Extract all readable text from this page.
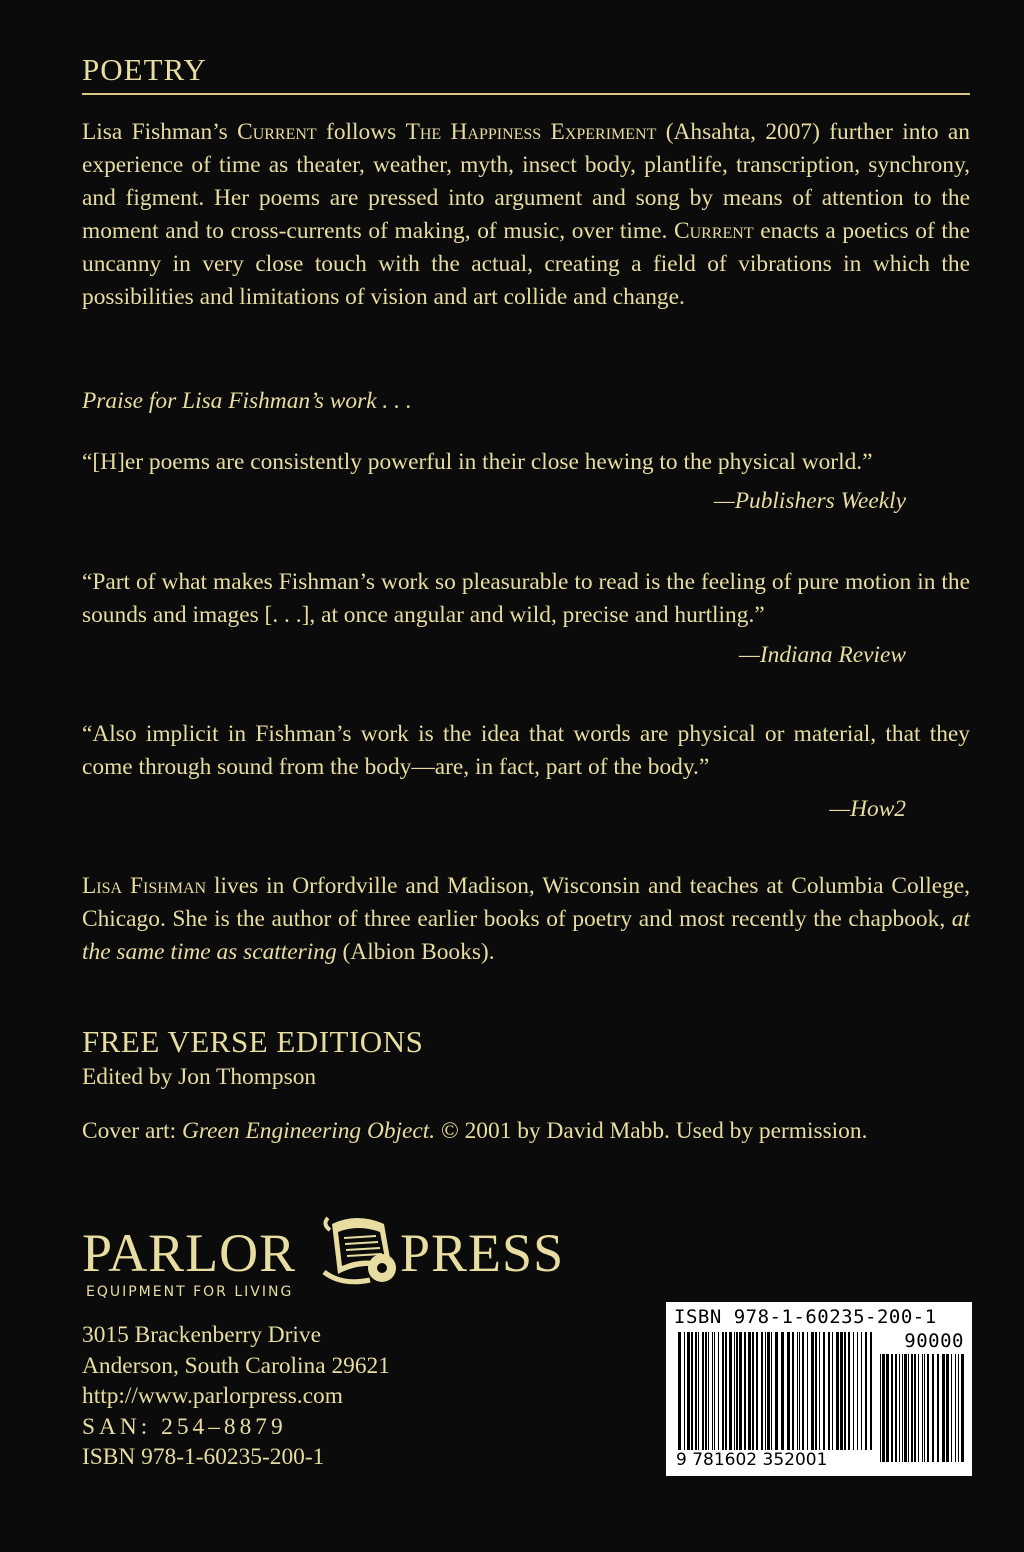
POETRY
Lisa Fishman’s Current follows The Happiness Experiment (Ahsahta, 2007) further into an experience of time as theater, weather, myth, insect body, plantlife, transcription, synchrony, and figment. Her poems are pressed into argument and song by means of attention to the moment and to cross-currents of making, of music, over time. Current enacts a poetics of the uncanny in very close touch with the actual, creating a field of vibrations in which the possibilities and limitations of vision and art collide and change.
Praise for Lisa Fishman’s work . . .
“[H]er poems are consistently powerful in their close hewing to the physical world.”
—Publishers Weekly
“Part of what makes Fishman’s work so pleasurable to read is the feeling of pure motion in the sounds and images [. . .], at once angular and wild, precise and hurtling.”
—Indiana Review
“Also implicit in Fishman’s work is the idea that words are physical or material, that they come through sound from the body—are, in fact, part of the body.”
—How2
Lisa Fishman lives in Orfordville and Madison, Wisconsin and teaches at Columbia College, Chicago. She is the author of three earlier books of poetry and most recently the chapbook, at the same time as scattering (Albion Books).
FREE VERSE EDITIONS
Edited by Jon Thompson
Cover art: Green Engineering Object. © 2001 by David Mabb. Used by permission.
PARLOR PRESS
EQUIPMENT FOR LIVING
3015 Brackenberry Drive
Anderson, South Carolina 29621
http://www.parlorpress.com
SAN: 254–8879
ISBN 978-1-60235-200-1
ISBN 978-1-60235-200-1
90000
9 781602 352001
